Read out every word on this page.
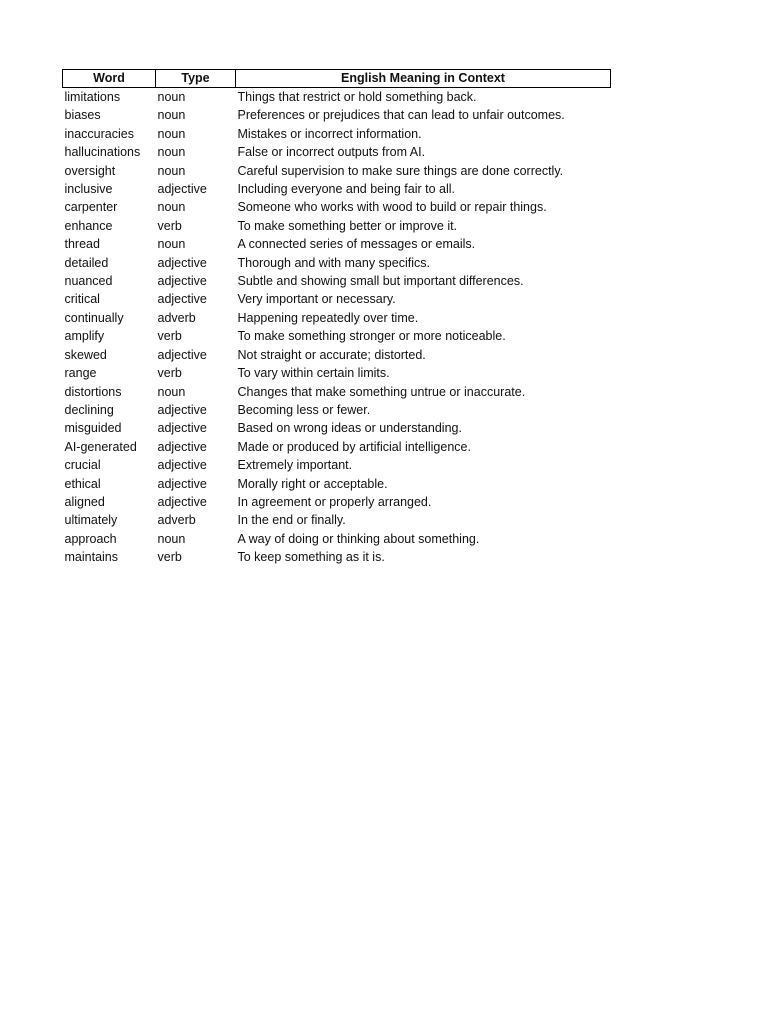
Word	Type	English Meaning in Context
limitations	noun	Things that restrict or hold something back.
biases	noun	Preferences or prejudices that can lead to unfair outcomes.
inaccuracies	noun	Mistakes or incorrect information.
hallucinations	noun	False or incorrect outputs from AI.
oversight	noun	Careful supervision to make sure things are done correctly.
inclusive	adjective	Including everyone and being fair to all.
carpenter	noun	Someone who works with wood to build or repair things.
enhance	verb	To make something better or improve it.
thread	noun	A connected series of messages or emails.
detailed	adjective	Thorough and with many specifics.
nuanced	adjective	Subtle and showing small but important differences.
critical	adjective	Very important or necessary.
continually	adverb	Happening repeatedly over time.
amplify	verb	To make something stronger or more noticeable.
skewed	adjective	Not straight or accurate; distorted.
range	verb	To vary within certain limits.
distortions	noun	Changes that make something untrue or inaccurate.
declining	adjective	Becoming less or fewer.
misguided	adjective	Based on wrong ideas or understanding.
AI-generated	adjective	Made or produced by artificial intelligence.
crucial	adjective	Extremely important.
ethical	adjective	Morally right or acceptable.
aligned	adjective	In agreement or properly arranged.
ultimately	adverb	In the end or finally.
approach	noun	A way of doing or thinking about something.
maintains	verb	To keep something as it is.
